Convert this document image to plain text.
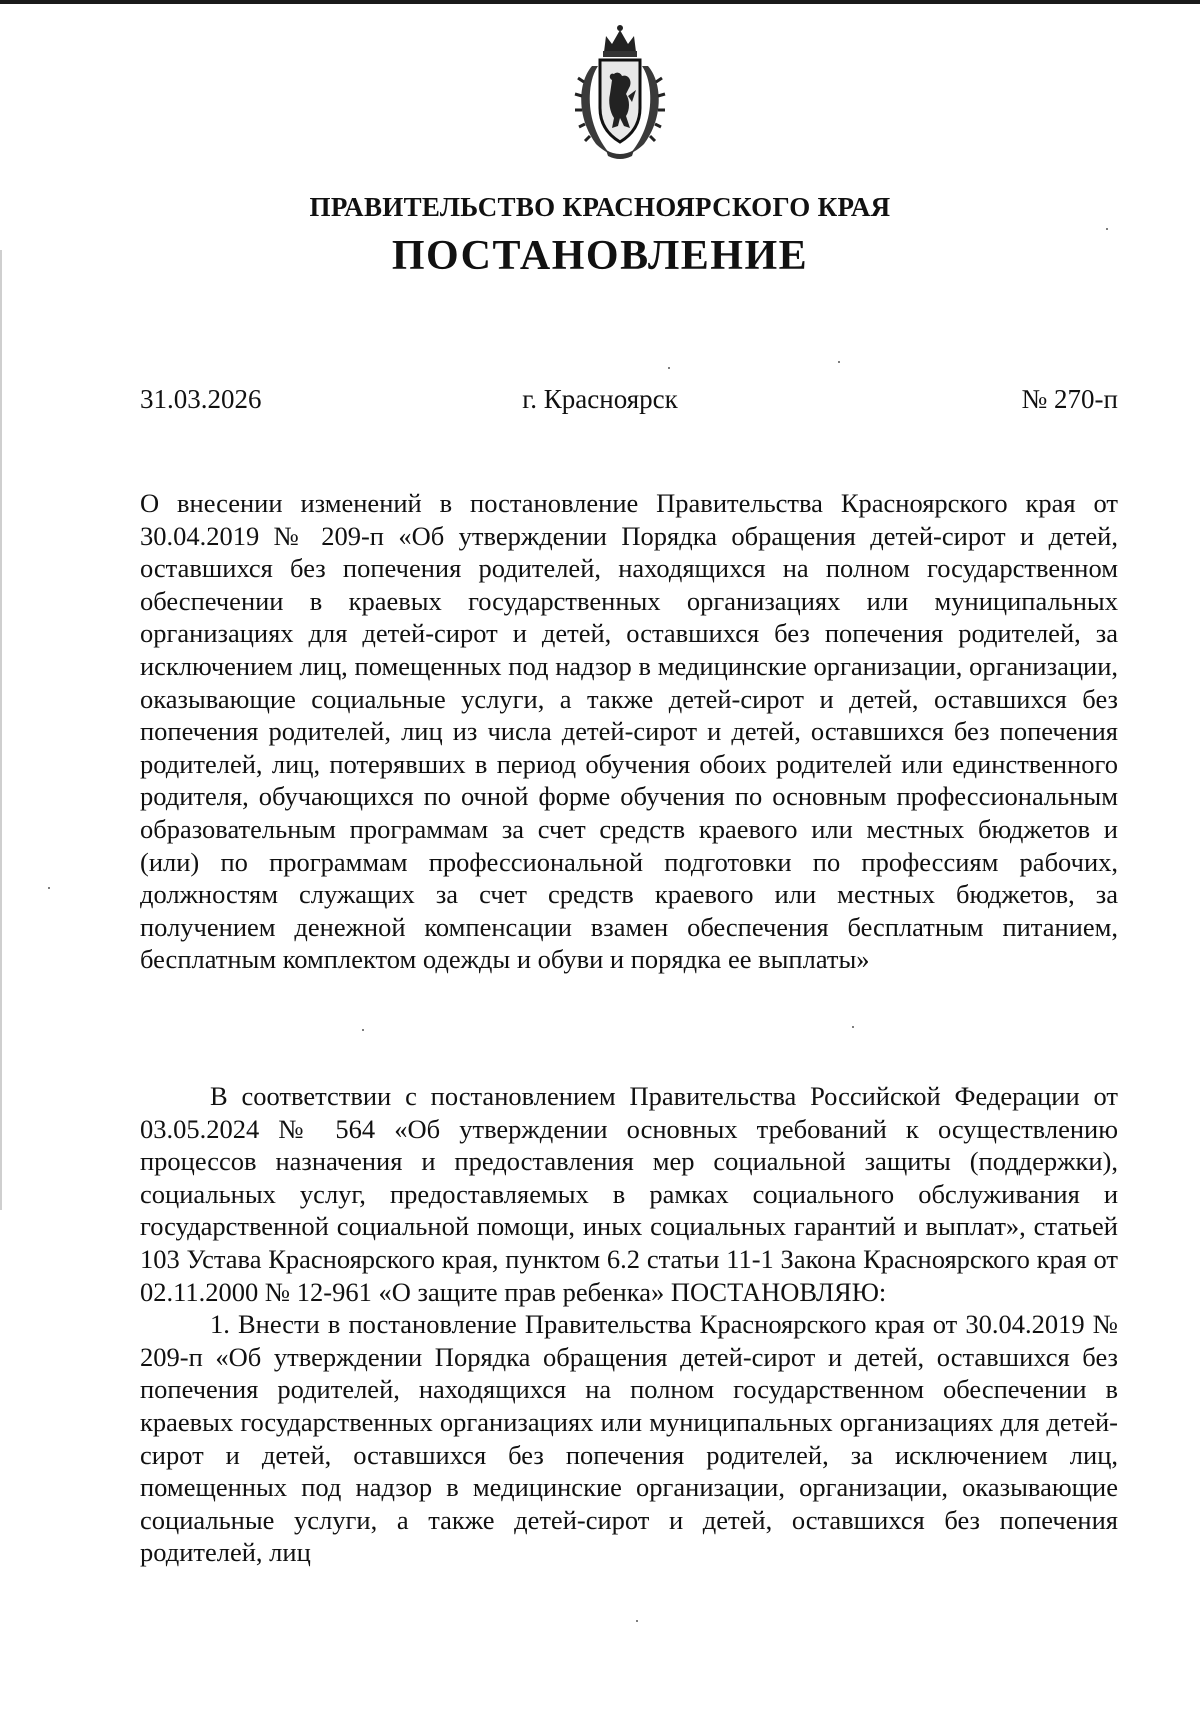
ПРАВИТЕЛЬСТВО КРАСНОЯРСКОГО КРАЯ
ПОСТАНОВЛЕНИЕ
31.03.2026	г. Красноярск	№ 270-п
О внесении изменений в постановление Правительства Красноярского края от 30.04.2019 № 209-п «Об утверждении Порядка обращения детей-сирот и детей, оставшихся без попечения родителей, находящихся на полном государственном обеспечении в краевых государственных организациях или муниципальных организациях для детей-сирот и детей, оставшихся без попечения родителей, за исключением лиц, помещенных под надзор в медицинские организации, организации, оказывающие социальные услуги, а также детей-сирот и детей, оставшихся без попечения родителей, лиц из числа детей-сирот и детей, оставшихся без попечения родителей, лиц, потерявших в период обучения обоих родителей или единственного родителя, обучающихся по очной форме обучения по основным профессиональным образовательным программам за счет средств краевого или местных бюджетов и (или) по программам профессиональной подготовки по профессиям рабочих, должностям служащих за счет средств краевого или местных бюджетов, за получением денежной компенсации взамен обеспечения бесплатным питанием, бесплатным комплектом одежды и обуви и порядка ее выплаты»

В соответствии с постановлением Правительства Российской Федерации от 03.05.2024 № 564 «Об утверждении основных требований к осуществлению процессов назначения и предоставления мер социальной защиты (поддержки), социальных услуг, предоставляемых в рамках социального обслуживания и государственной социальной помощи, иных социальных гарантий и выплат», статьей 103 Устава Красноярского края, пунктом 6.2 статьи 11-1 Закона Красноярского края от 02.11.2000 № 12-961 «О защите прав ребенка» ПОСТАНОВЛЯЮ:

1. Внести в постановление Правительства Красноярского края от 30.04.2019 № 209-п «Об утверждении Порядка обращения детей-сирот и детей, оставшихся без попечения родителей, находящихся на полном государственном обеспечении в краевых государственных организациях или муниципальных организациях для детей-сирот и детей, оставшихся без попечения родителей, за исключением лиц, помещенных под надзор в медицинские организации, организации, оказывающие социальные услуги, а также детей-сирот и детей, оставшихся без попечения родителей, лиц
